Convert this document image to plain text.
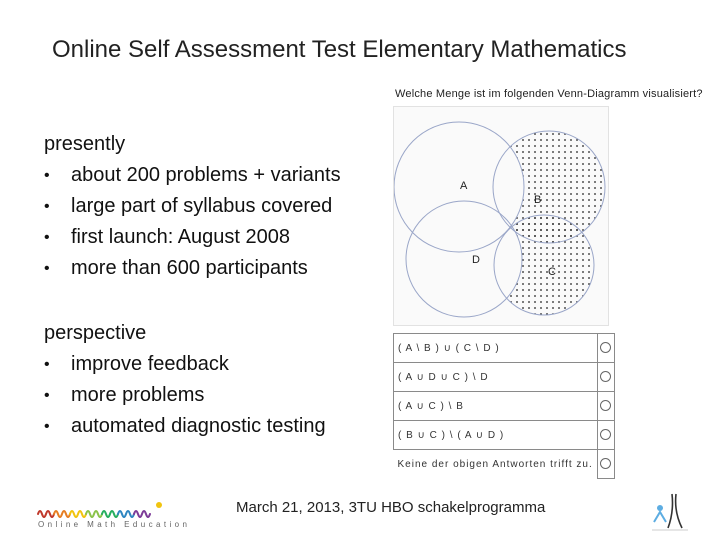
Online Self Assessment Test Elementary Mathematics
presently
• about 200 problems + variants
• large part of syllabus covered
• first launch: August 2008
• more than 600 participants
perspective
• improve feedback
• more problems
• automated diagnostic testing
Welche Menge ist im folgenden Venn-Diagramm visualisiert?
A
B
D
C
( A \ B ) ∪ ( C \ D )	
( A ∪ D ∪ C ) \ D	
( A ∪ C ) \ B	
( B ∪ C ) \ ( A ∪ D )	
Keine der obigen Antworten trifft zu.	
Online Math Education
March 21, 2013, 3TU HBO schakelprogramma
